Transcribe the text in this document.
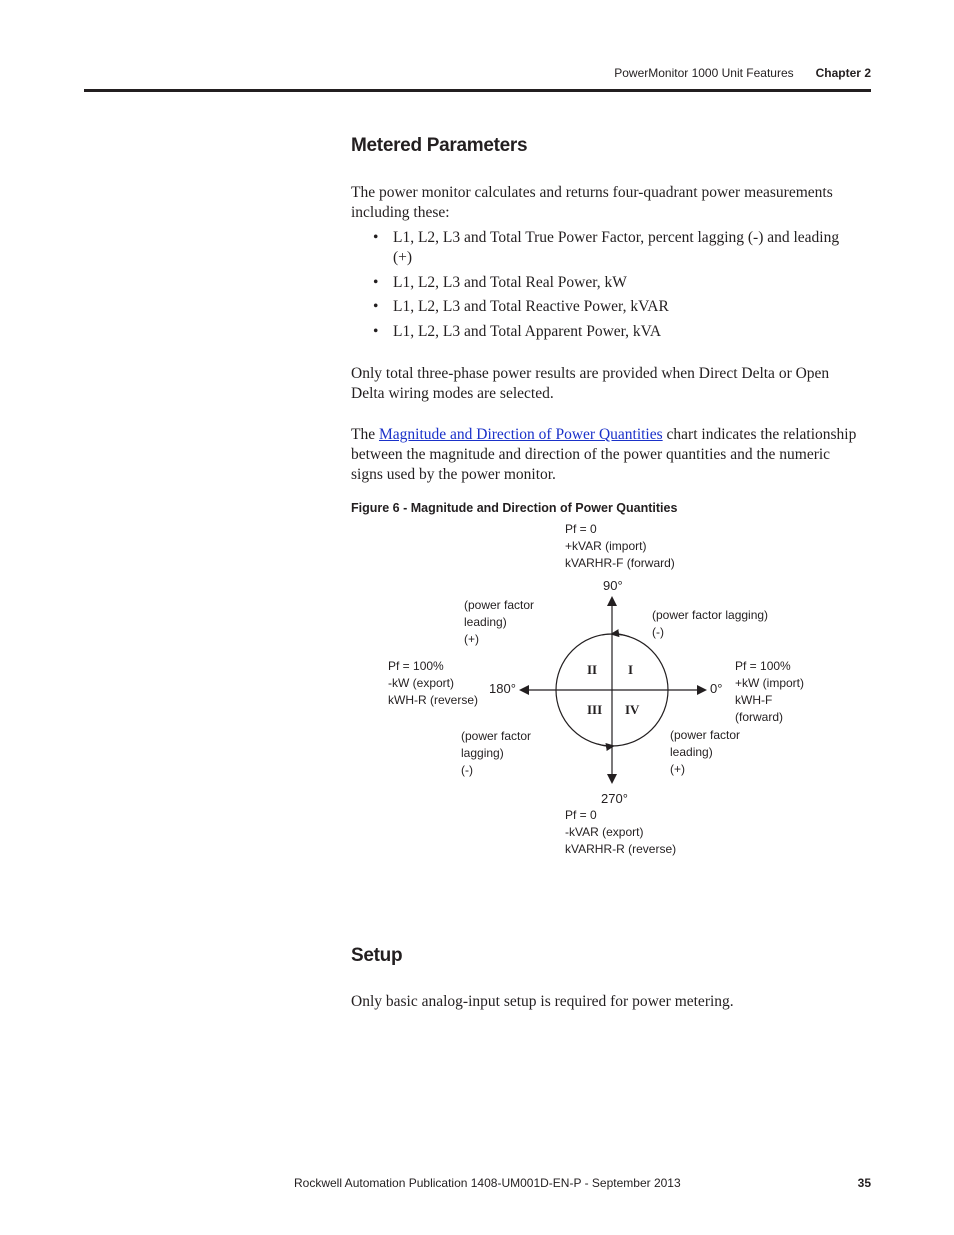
PowerMonitor 1000 Unit Features Chapter 2
Metered Parameters
The power monitor calculates and returns four-quadrant power measurements including these:
• L1, L2, L3 and Total True Power Factor, percent lagging (-) and leading (+)
• L1, L2, L3 and Total Real Power, kW
• L1, L2, L3 and Total Reactive Power, kVAR
• L1, L2, L3 and Total Apparent Power, kVA
Only total three-phase power results are provided when Direct Delta or Open Delta wiring modes are selected.
The Magnitude and Direction of Power Quantities chart indicates the relationship between the magnitude and direction of the power quantities and the numeric signs used by the power monitor.
Figure 6 - Magnitude and Direction of Power Quantities
II I
III IV
Pf = 0
+kVAR (import)
kVARHR-F (forward)
90°
(power factor
leading)
(+)
(power factor lagging)
(-)
Pf = 100%
-kW (export)
kWH-R (reverse)
180°	0°
Pf = 100%
+kW (import)
kWH-F
(forward)
(power factor
lagging)
(-)
(power factor
leading)
(+)
270°
Pf = 0
-kVAR (export)
kVARHR-R (reverse)
Setup
Only basic analog-input setup is required for power metering.
Rockwell Automation Publication 1408-UM001D-EN-P - September 2013	35
